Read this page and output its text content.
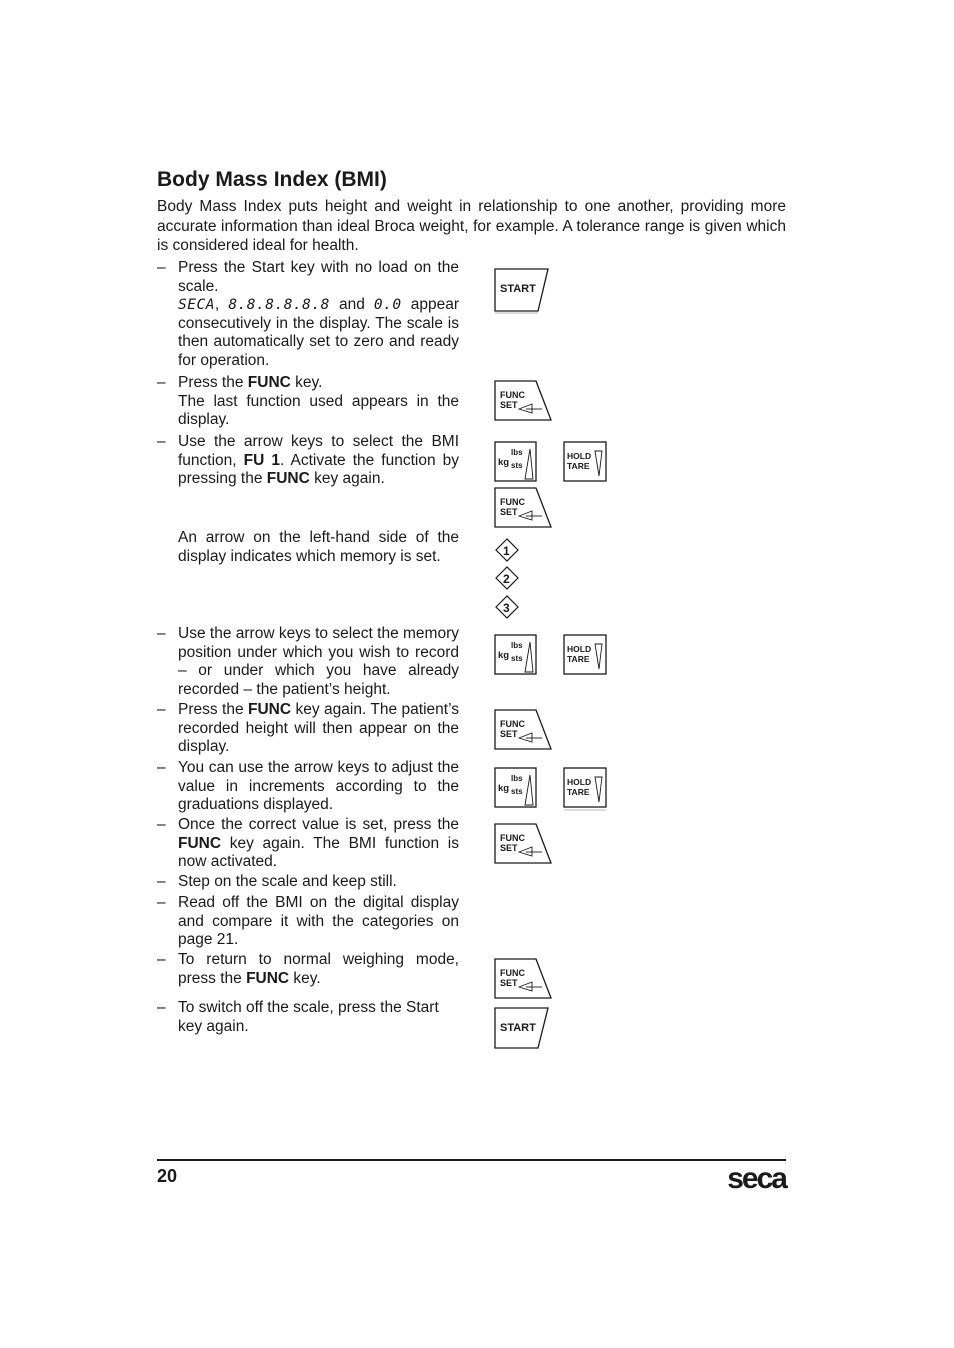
Body Mass Index (BMI)

Body Mass Index puts height and weight in relationship to one another, providing more accurate information than ideal Broca weight, for example. A tolerance range is given which is considered ideal for health.

– Press the Start key with no load on the scale.
SECA, 8.8.8.8.8.8 and 0.0 appear consecutively in the display. The scale is then automatically set to zero and ready for operation.
– Press the FUNC key.
The last function used appears in the display.
– Use the arrow keys to select the BMI function, FU 1. Activate the function by pressing the FUNC key again.
An arrow on the left-hand side of the display indicates which memory is set.
– Use the arrow keys to select the memory position under which you wish to record – or under which you have already recorded – the patient’s height.
– Press the FUNC key again. The patient’s recorded height will then appear on the display.
– You can use the arrow keys to adjust the value in increments according to the graduations displayed.
– Once the correct value is set, press the FUNC key again. The BMI function is now activated.
– Step on the scale and keep still.
– Read off the BMI on the digital display and compare it with the categories on page 21.
– To return to normal weighing mode, press the FUNC key.
– To switch off the scale, press the Start key again.
START
FUNC
SET
kg
lbs
sts
HOLD
TARE
FUNC
SET
1
2
3
kg
lbs
sts
HOLD
TARE
FUNC
SET
kg
lbs
sts
HOLD
TARE
FUNC
SET
FUNC
SET
START
20	seca
